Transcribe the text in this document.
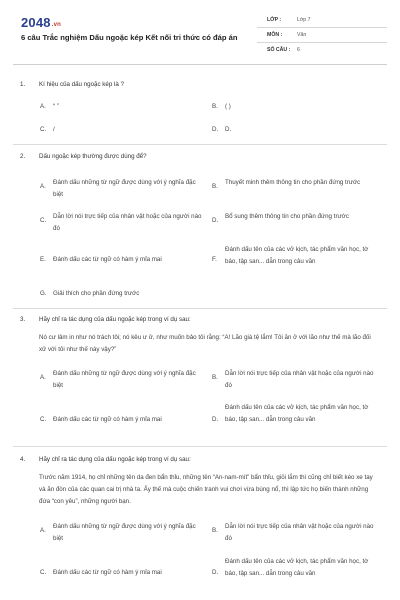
2048.vn
6 câu Trắc nghiệm Dấu ngoặc kép Kết nối tri thức có đáp án
LỚP :	Lớp 7
MÔN :	Văn
SỐ CÂU : 6
1. Kí hiệu của dấu ngoặc kép là ?
A. “ ”	B. ( )
C. /	D. D.
2. Dấu ngoặc kép thường được dùng để?
A.
Đánh dấu những từ ngữ được dùng với ý nghĩa đặc biệt
B.
Thuyết minh thêm thông tin cho phần đứng trước
C.
Dẫn lời nói trực tiếp của nhân vật hoặc của người nào đó
D.
Bổ sung thêm thông tin cho phần đứng trước
E. Đánh dấu các từ ngữ có hàm ý mỉa mai	F.
Đánh dấu tên của các vở kịch, tác phẩm văn học, tờ báo, tập san... dẫn trong câu văn
G. Giải thích cho phần đứng trước
3. Hãy chỉ ra tác dụng của dấu ngoặc kép trong ví dụ sau:
Nó cư lâm in như nó trách tôi; nó kêu ư ử, như muốn bảo tôi rằng: “A! Lão già tệ lắm! Tôi ăn ở với lão như thế mà lão đối xử với tôi như thế này vậy?”
A.
Đánh dấu những từ ngữ được dùng với ý nghĩa đặc biệt
B.
Dẫn lời nói trực tiếp của nhân vật hoặc của người nào đó
C. Đánh dấu các từ ngữ có hàm ý mỉa mai	D.
Đánh dấu tên của các vở kịch, tác phẩm văn học, tờ báo, tập san... dẫn trong câu văn
4. Hãy chỉ ra tác dụng của dấu ngoặc kép trong ví dụ sau:
Trước năm 1914, họ chỉ những tên da đen bẩn thỉu, những tên “An-nam-mít” bẩn thỉu, giỏi lắm thì cũng chỉ biết kéo xe tay và ăn đòn của các quan cai trị nhà ta. Ấy thế mà cuộc chiến tranh vui chơi vừa bùng nổ, thì lập tức họ biến thành những đứa “con yêu”, những người bạn.
A.
Đánh dấu những từ ngữ được dùng với ý nghĩa đặc biệt
B.
Dẫn lời nói trực tiếp của nhân vật hoặc của người nào đó
C. Đánh dấu các từ ngữ có hàm ý mỉa mai	D.
Đánh dấu tên của các vở kịch, tác phẩm văn học, tờ báo, tập san... dẫn trong câu văn
